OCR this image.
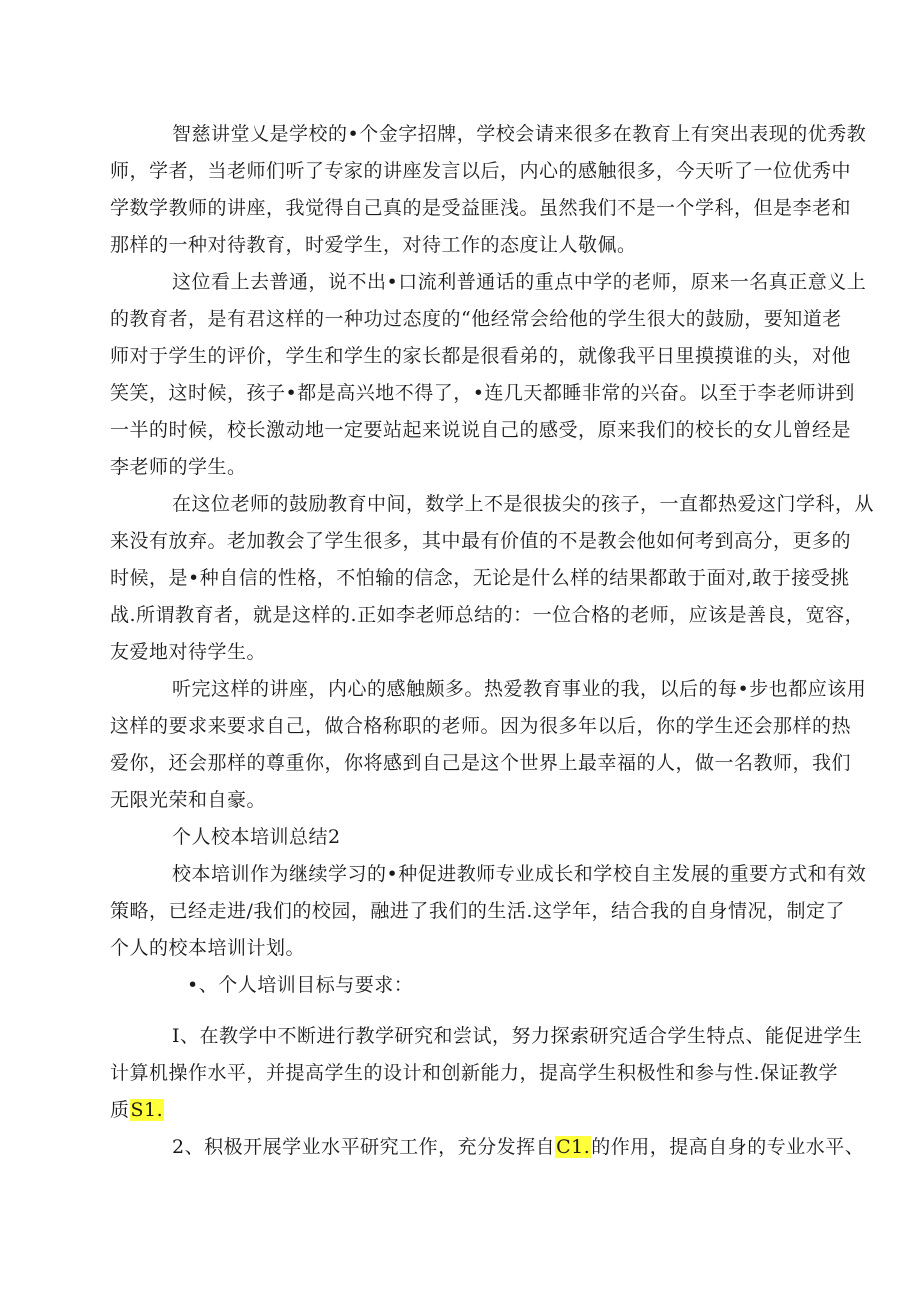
智慈讲堂乂是学校的•个金字招牌，学校会请来很多在教育上有突出表现的优秀教
师，学者，当老师们听了专家的讲座发言以后，内心的感触很多，今天听了一位优秀中
学数学教师的讲座，我觉得自己真的是受益匪浅。虽然我们不是一个学科，但是李老和
那样的一种对待教育，时爱学生，对待工作的态度让人敬佩。
这位看上去普通，说不出•口流利普通话的重点中学的老师，原来一名真正意义上
的教育者，是有君这样的一种功过态度的“他经常会给他的学生很大的鼓励，要知道老
师对于学生的评价，学生和学生的家长都是很看弟的，就像我平日里摸摸谁的头，对他
笑笑，这时候，孩子•都是高兴地不得了，•连几天都睡非常的兴奋。以至于李老师讲到
一半的时候，校长激动地一定要站起来说说自己的感受，原来我们的校长的女儿曾经是
李老师的学生。
在这位老师的鼓励教育中间，数学上不是很拔尖的孩子，一直都热爱这门学科，从
来没有放弃。老加教会了学生很多，其中最有价值的不是教会他如何考到高分，更多的
时候，是•种自信的性格，不怕输的信念，无论是什么样的结果都敢于面对,敢于接受挑
战.所谓教育者，就是这样的.正如李老师总结的：一位合格的老师，应该是善良，宽容，
友爱地对待学生。
听完这样的讲座，内心的感触颇多。热爱教育事业的我，以后的每•步也都应该用
这样的要求来要求自己，做合格称职的老师。因为很多年以后，你的学生还会那样的热
爱你，还会那样的尊重你，你将感到自己是这个世界上最幸福的人，做一名教师，我们
无限光荣和自豪。
个人校本培训总结2
校本培训作为继续学习的•种促进教师专业成长和学校自主发展的重要方式和有效
策略，已经走进/我们的校园，融进了我们的生活.这学年，结合我的自身情况，制定了
个人的校本培训计划。
•、个人培训目标与要求：
I、在教学中不断进行教学研究和尝试，努力探索研究适合学生特点、能促进学生
计算机操作水平，并提高学生的设计和创新能力，提高学生积极性和参与性.保证教学
质S1.
2、积极开展学业水平研究工作，充分发挥自C1.的作用，提高自身的专业水平、
